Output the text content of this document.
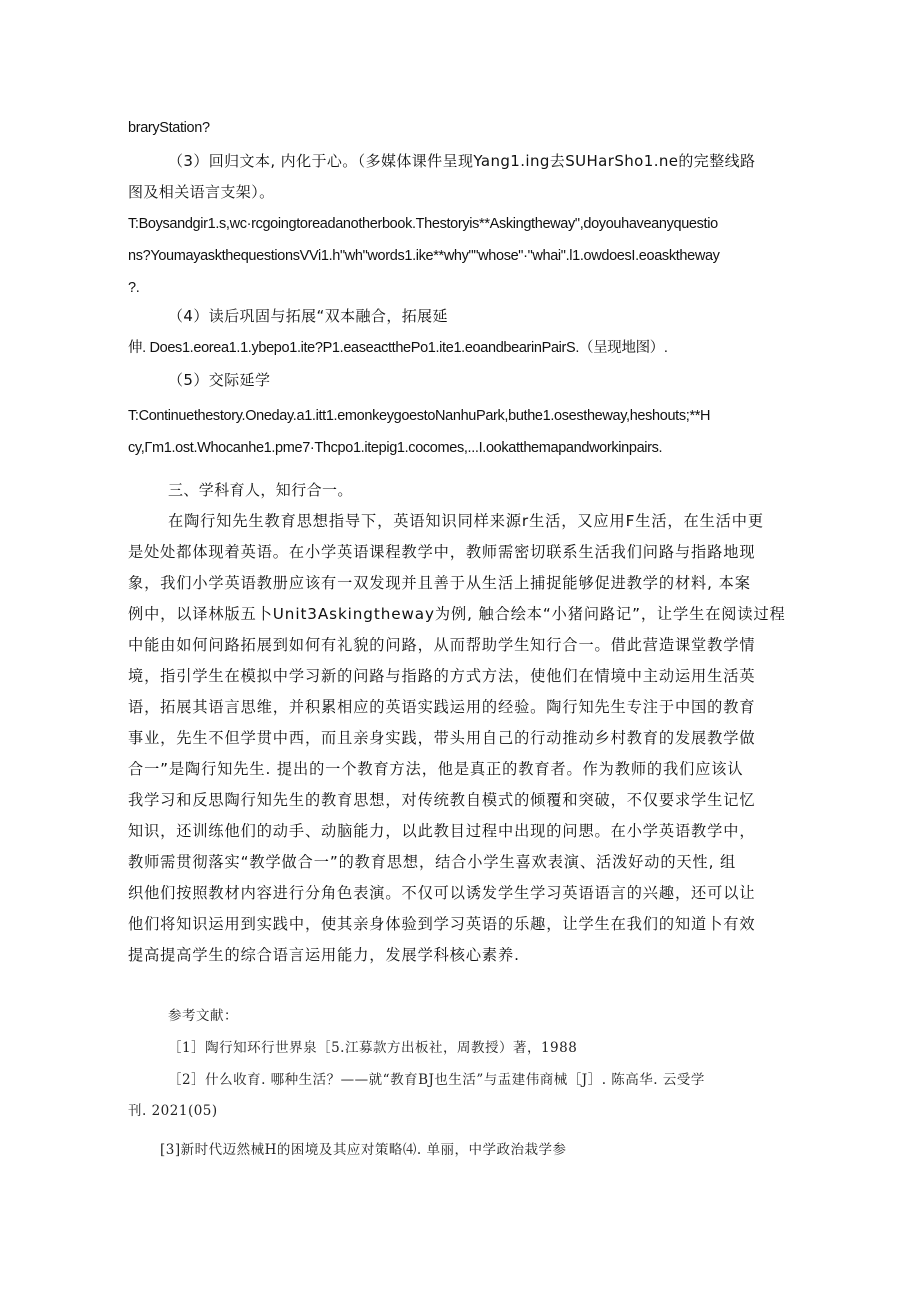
braryStation?
（3）回归文本, 内化于心。（多媒体课件呈现Yang1.ing去SUHarSho1.ne的完整线路
图及相关语言支架）。
T:Boysandgir1.s,wc·rcgoingtoreadanotherbook.Thestoryis**Askingtheway",doyouhaveanyquestio
ns?YoumayaskthequestionsVVi1.h"wh"words1.ike**why""whose"·"whai".l1.owdoesI.eoasktheway
?.
（4）读后巩固与拓展“双本融合，拓展延
伸. Does1.eorea1.1.ybepo1.ite?P1.easeacttheP​o1.ite1.eoandbearinPairS.（呈现地图）.
（5）交际延学
T:Continuethestory.Oneday.a1.itt1.emonkeygoestoNanhuPark,buthe1.osestheway,heshouts;**H
cy,Γm1.ost.Whocanhe1.pme7·Thcpo1.itepig1.cocomes,...I.ookatthemapandworkinpairs.
三、学科育人，知行合一。
在陶行知先生教育思想指导下，英语知识同样来源r生活，又应用F生活，在生活中更
是处处都体现着英语。在小学英语课程教学中，教师需密切联系生活我们问路与指路地现
象，我们小学英语教册应该有一双发现并且善于从生活上捕捉能够促进教学的材料, 本案
例中，以译林版五卜Unit3Askingtheway为例, 触合绘本“小猪问路记”，让学生在阅读过程
中能由如何问路拓展到如何有礼貌的问路，从而帮助学生知行合一。借此营造课堂教学情
境，指引学生在模拟中学习新的问路与指路的方式方法，使他们在情境中主动运用生活英
语，拓展其语言思维，并积累相应的英语实践运用的经验。陶行知先生专注于中国的教育
事业，先生不但学贯中西，而且亲身实践，带头用自己的行动推动乡村教育的发展教学做
合一”是陶行知先生. 提出的一个教育方法，他是真正的教育者。作为教师的我们应该认
我学习和反思陶行知先生的教育思想，对传统教自模式的倾覆和突破，不仅要求学生记忆
知识，还训练他们的动手、动脑能力，以此教目过程中出现的问愳。在小学英语教学中，
教师需贯彻落实“教学做合一”的教育思想，结合小学生喜欢表演、活泼好动的天性, 组
织他们按照教材内容进行分角色表演。不仅可以诱发学生学习英语语言的兴趣，还可以让
他们将知识运用到实践中，使其亲身体验到学习英语的乐趣，让学生在我们的知道卜有效
提高提高学生的综合语言运用能力，发展学科核心素养.
参考文献：
［1］陶行知环行世界泉［5.江募款方出板社，周教授）著，1988
［2］什么收育. 哪种生活？——就“教育BJ也生活”与盂建伟商械［J］. 陈高华. 云受学
刊. 2021(05)
[3]新时代迈然械H的困境及其应对策略⑷. 单丽，中学政治栽学参
